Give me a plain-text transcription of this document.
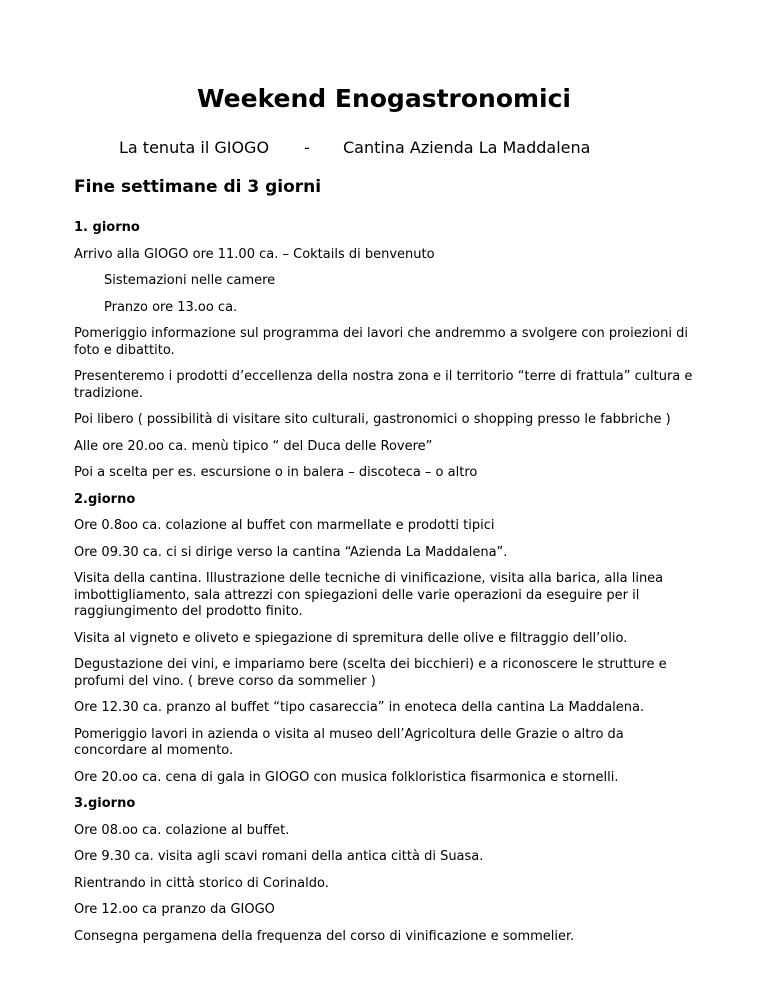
Weekend Enogastronomici
La tenuta il GIOGO - Cantina Azienda La Maddalena
Fine settimane di 3 giorni

1. giorno

Arrivo alla GIOGO ore 11.00 ca. – Coktails di benvenuto

Sistemazioni nelle camere

Pranzo ore 13.oo ca.

Pomeriggio informazione sul programma dei lavori che andremmo a svolgere con proiezioni di foto e dibattito.

Presenteremo i prodotti d’eccellenza della nostra zona e il territorio “terre di frattula” cultura e tradizione.

Poi libero ( possibilità di visitare sito culturali, gastronomici o shopping presso le fabbriche )

Alle ore 20.oo ca. menù tipico “ del Duca delle Rovere”

Poi a scelta per es. escursione o in balera – discoteca – o altro

2.giorno

Ore 0.8oo ca. colazione al buffet con marmellate e prodotti tipici

Ore 09.30 ca. ci si dirige verso la cantina “Azienda La Maddalena”.

Visita della cantina. Illustrazione delle tecniche di vinificazione, visita alla barica, alla linea imbottigliamento, sala attrezzi con spiegazioni delle varie operazioni da eseguire per il raggiungimento del prodotto finito.

Visita al vigneto e oliveto e spiegazione di spremitura delle olive e filtraggio dell’olio.

Degustazione dei vini, e impariamo bere (scelta dei bicchieri) e a riconoscere le strutture e profumi del vino. ( breve corso da sommelier )

Ore 12.30 ca. pranzo al buffet “tipo casareccia” in enoteca della cantina La Maddalena.

Pomeriggio lavori in azienda o visita al museo dell’Agricoltura delle Grazie o altro da concordare al momento.

Ore 20.oo ca. cena di gala in GIOGO con musica folkloristica fisarmonica e stornelli.

3.giorno

Ore 08.oo ca. colazione al buffet.

Ore 9.30 ca. visita agli scavi romani della antica città di Suasa.

Rientrando in città storico di Corinaldo.

Ore 12.oo ca pranzo da GIOGO

Consegna pergamena della frequenza del corso di vinificazione e sommelier.
